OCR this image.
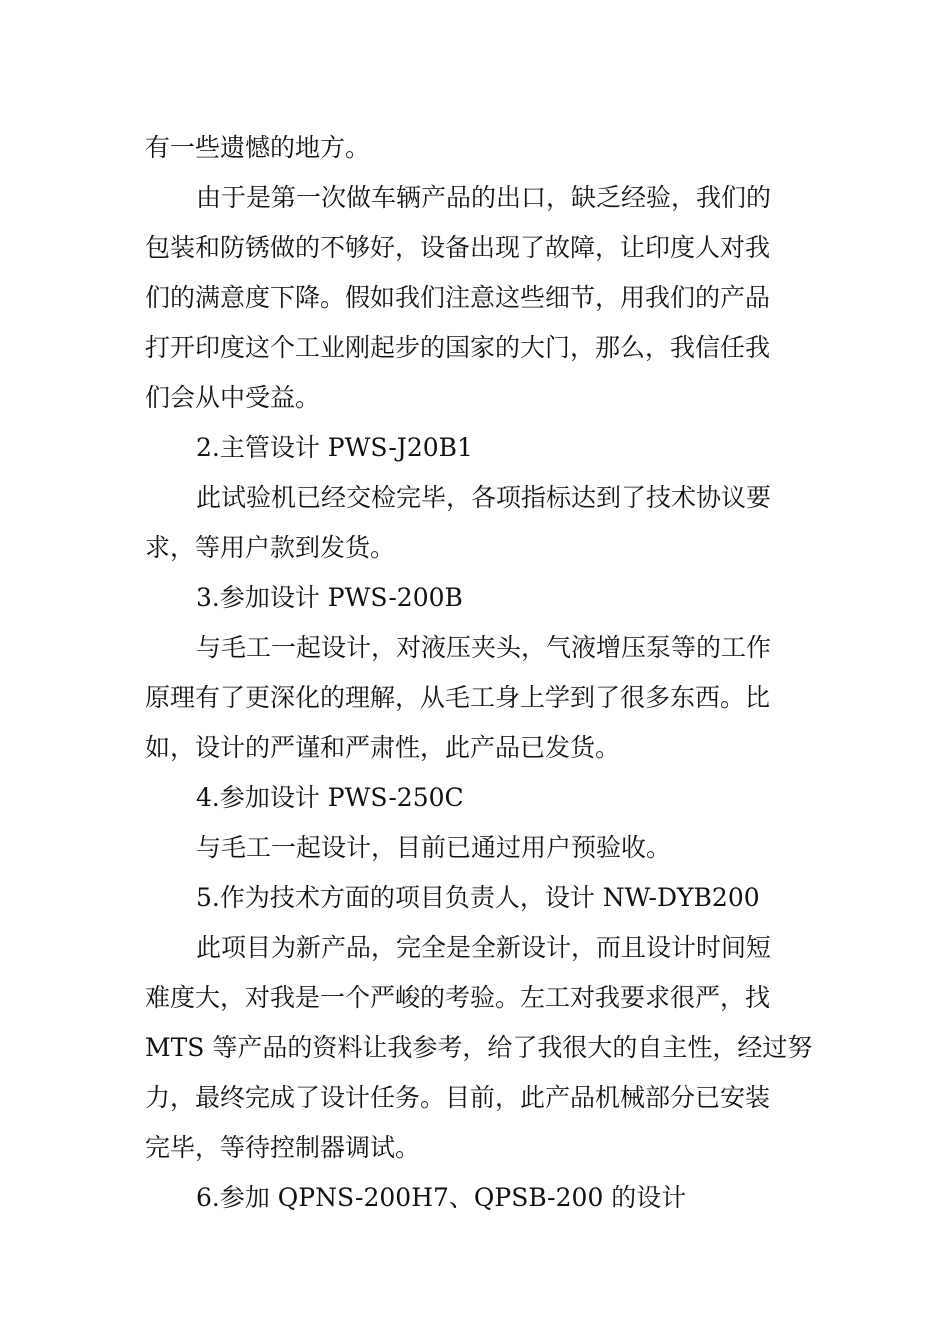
有一些遗憾的地方。
由于是第一次做车辆产品的出口，缺乏经验，我们的
包装和防锈做的不够好，设备出现了故障，让印度人对我
们的满意度下降。假如我们注意这些细节，用我们的产品
打开印度这个工业刚起步的国家的大门，那么，我信任我
们会从中受益。
2.主管设计 PWS-J20B1
此试验机已经交检完毕，各项指标达到了技术协议要
求，等用户款到发货。
3.参加设计 PWS-200B
与毛工一起设计，对液压夹头，气液增压泵等的工作
原理有了更深化的理解，从毛工身上学到了很多东西。比
如，设计的严谨和严肃性，此产品已发货。
4.参加设计 PWS-250C
与毛工一起设计，目前已通过用户预验收。
5.作为技术方面的项目负责人，设计 NW-DYB200
此项目为新产品，完全是全新设计，而且设计时间短
难度大，对我是一个严峻的考验。左工对我要求很严，找
MTS 等产品的资料让我参考，给了我很大的自主性，经过努
力，最终完成了设计任务。目前，此产品机械部分已安装
完毕，等待控制器调试。
6.参加 QPNS-200H7、QPSB-200 的设计
